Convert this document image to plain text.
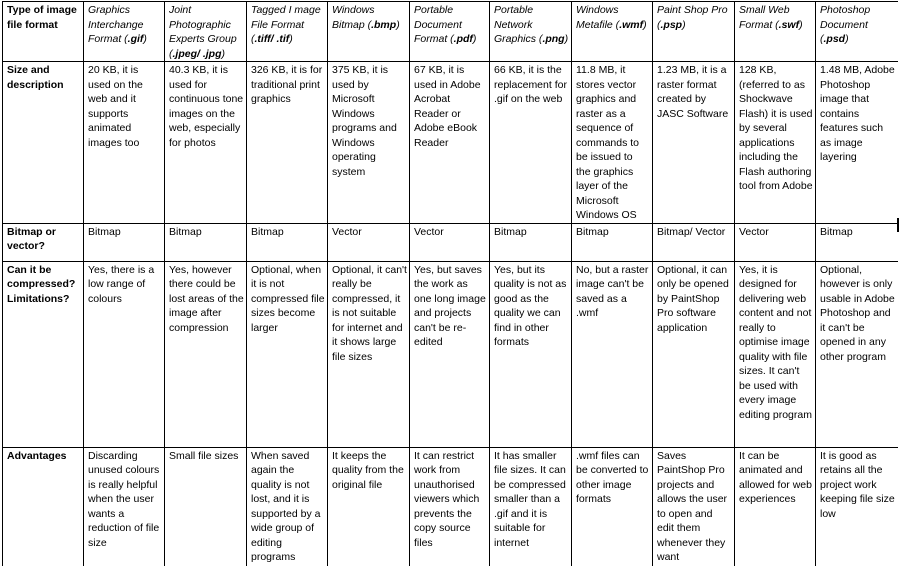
Type of image file format	Graphics Interchange Format (.gif)	Joint Photographic Experts Group (.jpeg/ .jpg)	Tagged I mage File Format (.tiff/ .tif)	Windows Bitmap (.bmp)	Portable Document Format (.pdf)	Portable Network Graphics (.png)	Windows Metafile (.wmf)	Paint Shop Pro (.psp)	Small Web Format (.swf)	Photoshop Document (.psd)
Size and description	20 KB, it is used on the web and it supports animated images too	40.3 KB, it is used for continuous tone images on the web, especially for photos	326 KB, it is for traditional print graphics	375 KB, it is used by Microsoft Windows programs and Windows operating system	67 KB, it is used in Adobe Acrobat Reader or Adobe eBook Reader	66 KB, it is the replacement for .gif on the web	11.8 MB, it stores vector graphics and raster as a sequence of commands to be issued to the graphics layer of the Microsoft Windows OS	1.23 MB, it is a raster format created by JASC Software	128 KB, (referred to as Shockwave Flash) it is used by several applications including the Flash authoring tool from Adobe	1.48 MB, Adobe Photoshop image that contains features such as image layering
Bitmap or vector?	Bitmap	Bitmap	Bitmap	Vector	Vector	Bitmap	Bitmap	Bitmap/ Vector	Vector	Bitmap
Can it be compressed? Limitations?	Yes, there is a low range of colours	Yes, however there could be lost areas of the image after compression	Optional, when it is not compressed file sizes become larger	Optional, it can't really be compressed, it is not suitable for internet and it shows large file sizes	Yes, but saves the work as one long image and projects can't be re-edited	Yes, but its quality is not as good as the quality we can find in other formats	No, but a raster image can't be saved as a .wmf	Optional, it can only be opened by PaintShop Pro software application	Yes, it is designed for delivering web content and not really to optimise image quality with file sizes. It can't be used with every image editing program	Optional, however is only usable in Adobe Photoshop and it can't be opened in any other program
Advantages	Discarding unused colours is really helpful when the user wants a reduction of file size	Small file sizes	When saved again the quality is not lost, and it is supported by a wide group of editing programs	It keeps the quality from the original file	It can restrict work from unauthorised viewers which prevents the copy source files	It has smaller file sizes. It can be compressed smaller than a .gif and it is suitable for internet	.wmf files can be converted to other image formats	Saves PaintShop Pro projects and allows the user to open and edit them whenever they want	It can be animated and allowed for web experiences	It is good as retains all the project work keeping file size low
